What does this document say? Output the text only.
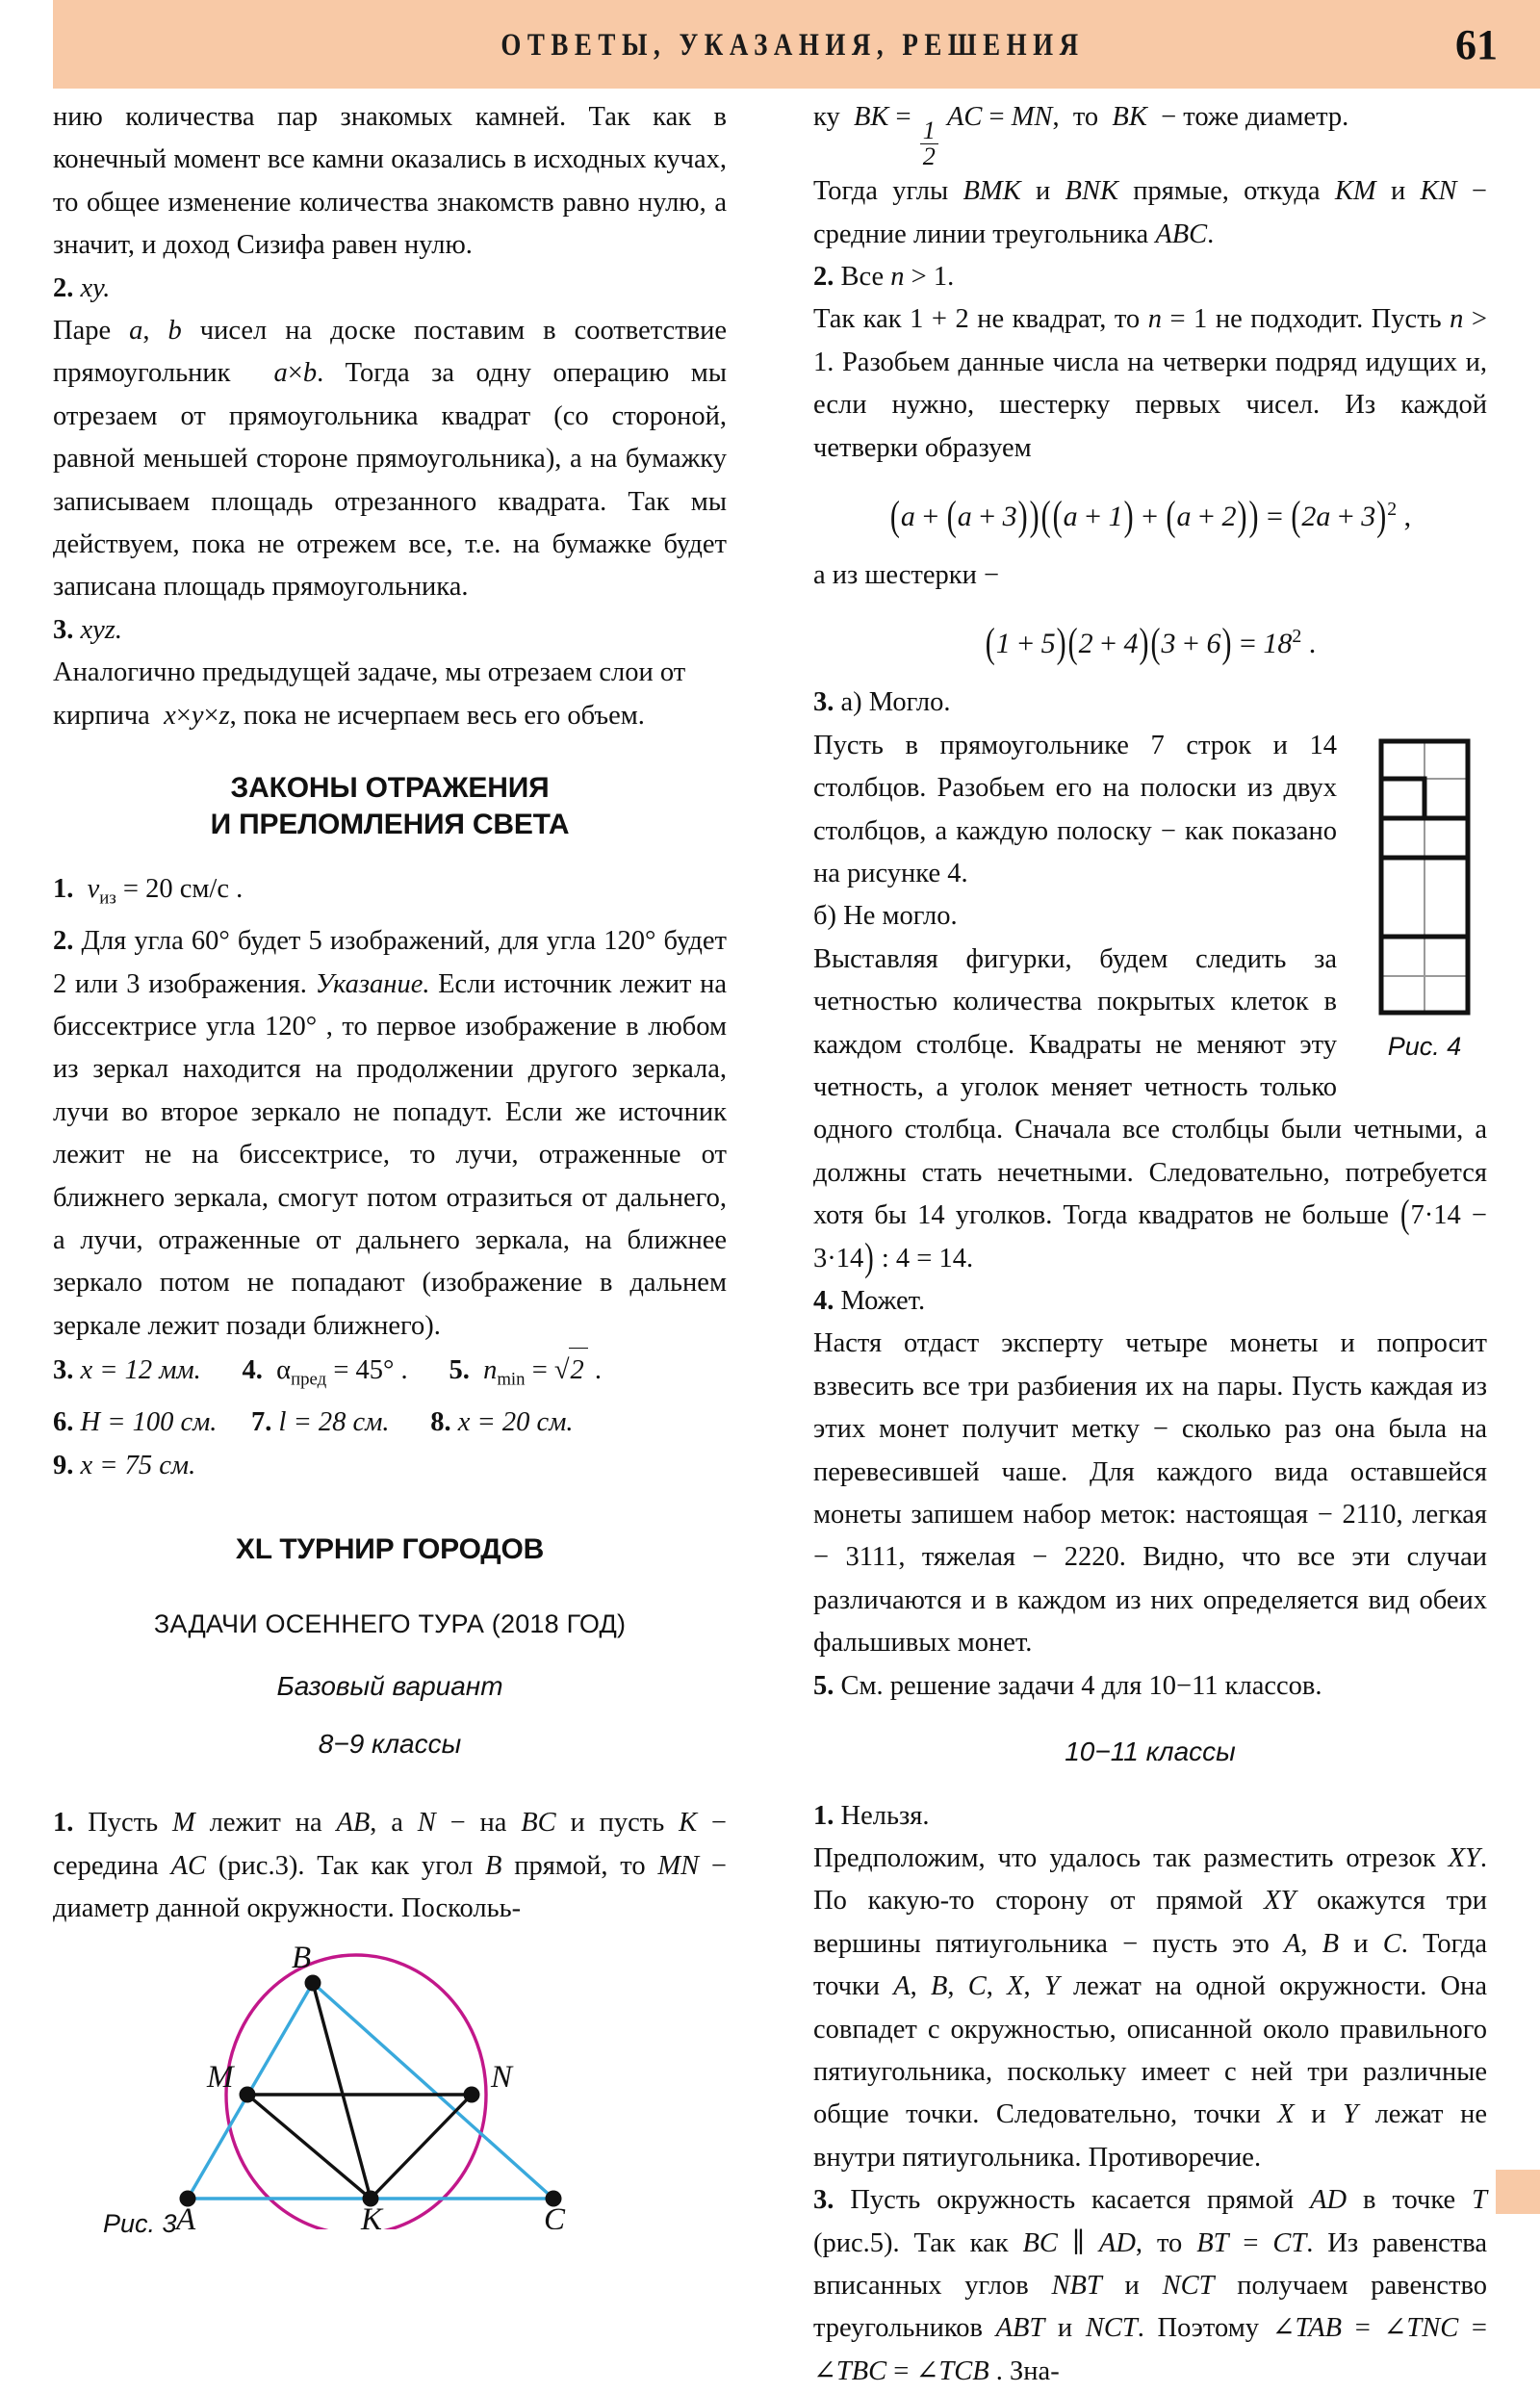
ОТВЕТЫ, УКАЗАНИЯ, РЕШЕНИЯ	61

нию количества пар знакомых камней. Так как в конечный момент все камни оказались в исходных кучах, то общее изменение количества знакомств равно нулю, а значит, и доход Сизифа равен нулю.

2. xy.

Паре a, b чисел на доске поставим в соответствие прямоугольник  a×b. Тогда за одну операцию мы отрезаем от прямоугольника квадрат (со стороной, равной меньшей стороне прямоугольника), а на бумажку записываем площадь отрезанного квадрата. Так мы действуем, пока не отрежем все, т.е. на бумажке будет записана площадь прямоугольника.

3. xyz.

Аналогично предыдущей задаче, мы отрезаем слои от кирпича  x×y×z, пока не исчерпаем весь его объем.

ЗАКОНЫ ОТРАЖЕНИЯ
И ПРЕЛОМЛЕНИЯ СВЕТА

1. $v_{из} = 20$ см/с .

2. Для угла 60° будет 5 изображений, для угла 120° будет 2 или 3 изображения. Указание. Если источник лежит на биссектрисе угла 120° , то первое изображение в любом из зеркал находится на продолжении другого зеркала, лучи во второе зеркало не попадут. Если же источник лежит не на биссектрисе, то лучи, отраженные от ближнего зеркала, смогут потом отразиться от дальнего, а лучи, отраженные от дальнего зеркала, на ближнее зеркало потом не попадают (изображение в дальнем зеркале лежит позади ближнего).

3. x = 12 мм. 4. $\alpha_{пред} = 45^\circ$ . 5. $n_{min} = √2$ .

6. H = 100 см. 7. l = 28 см. 8. x = 20 см.

9. x = 75 см.

XL ТУРНИР ГОРОДОВ
ЗАДАЧИ ОСЕННЕГО ТУРА (2018 ГОД)
Базовый вариант
8−9 классы

1. Пусть M лежит на AB, а N − на BC и пусть K − середина AC (рис.3). Так как угол B прямой, то MN − диаметр данной окружности. Поскольь-

B
M	N
A	K	C
Рис. 3

ку BK =
$\frac{1}{2}$
AC = MN,  то  BK  − тоже диаметр.

Тогда углы BMK и BNK прямые, откуда KM и KN − средние линии треугольника ABC.

2. Все n > 1.

Так как 1 + 2 не квадрат, то n = 1 не подходит. Пусть n > 1. Разобьем данные числа на четверки подряд идущих и, если нужно, шестерку первых чисел. Из каждой четверки образуем

$(a + (a + 3))((a + 1) + (a + 2)) = (2a + 3)^2$ ,

а из шестерки −

$(1 + 5)(2 + 4)(3 + 6) = 18^2$ .

3. а) Могло.

Рис. 4

Пусть в прямоугольнике 7 строк и 14 столбцов. Разобьем его на полоски из двух столбцов, а каждую полоску − как показано на рисунке 4.

б) Не могло.

Выставляя фигурки, будем следить за четностью количества покрытых клеток в каждом столбце. Квадраты не меняют эту четность, а уголок меняет четность только одного столбца. Сначала все столбцы были четными, а должны стать нечетными. Следовательно, потребуется хотя бы 14 уголков. Тогда квадратов не больше (7·14 − 3·14) : 4 = 14.

4. Может.

Настя отдаст эксперту четыре монеты и попросит взвесить все три разбиения их на пары. Пусть каждая из этих монет получит метку − сколько раз она была на перевесившей чаше. Для каждого вида оставшейся монеты запишем набор меток: настоящая − 2110, легкая − 3111, тяжелая − 2220. Видно, что все эти случаи различаются и в каждом из них определяется вид обеих фальшивых монет.

5. См. решение задачи 4 для 10−11 классов.

10−11 классы

1. Нельзя.

Предположим, что удалось так разместить отрезок XY. По какую-то сторону от прямой XY окажутся три вершины пятиугольника − пусть это A, B и C. Тогда точки A, B, C, X, Y лежат на одной окружности. Она совпадет с окружностью, описанной около правильного пятиугольника, поскольку имеет с ней три различные общие точки. Следовательно, точки X и Y лежат не внутри пятиугольника. Противоречие.

3. Пусть окружность касается прямой AD в точке T (рис.5). Так как BC ∥ AD, то BT = CT. Из равенства вписанных углов NBT и NCT получаем равенство треугольников ABT и NCT. Поэтому ∠TAB = ∠TNC = ∠TBC = ∠TCB . Зна-
